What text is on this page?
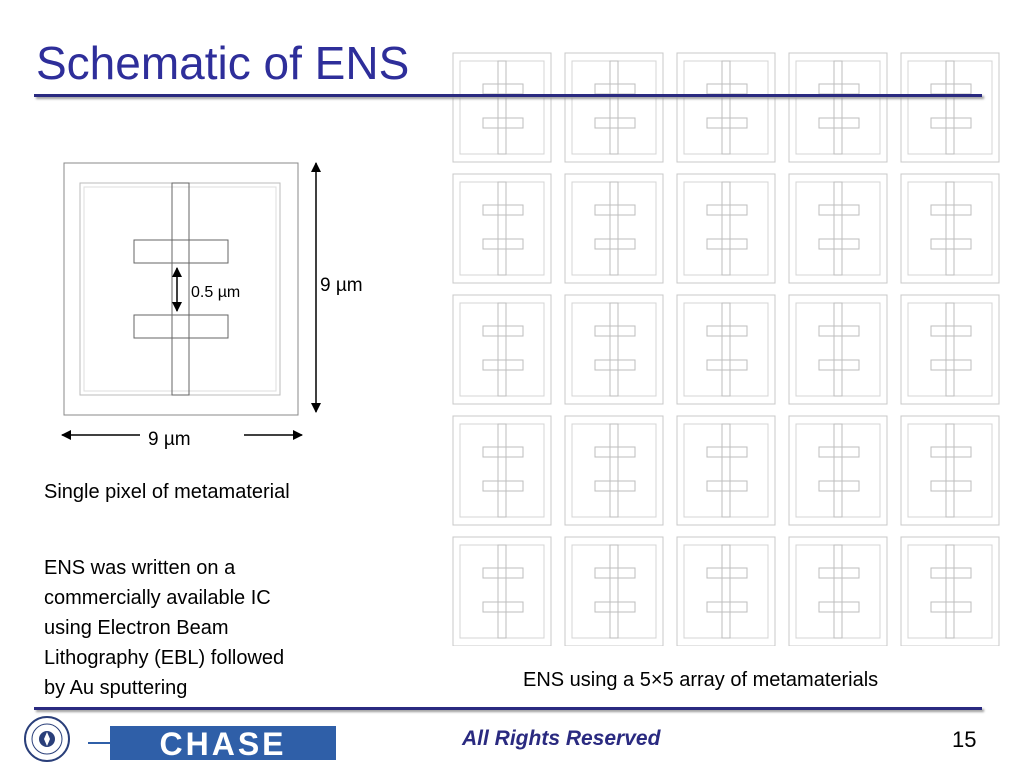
Schematic of ENS
0.5 µm	9 µm
9 µm
Single pixel of metamaterial
ENS was written on a
commercially available IC
using Electron Beam
Lithography (EBL) followed
by Au sputtering	ENS using a 5×5 array of metamaterials
CHASE	All Rights Reserved	15
